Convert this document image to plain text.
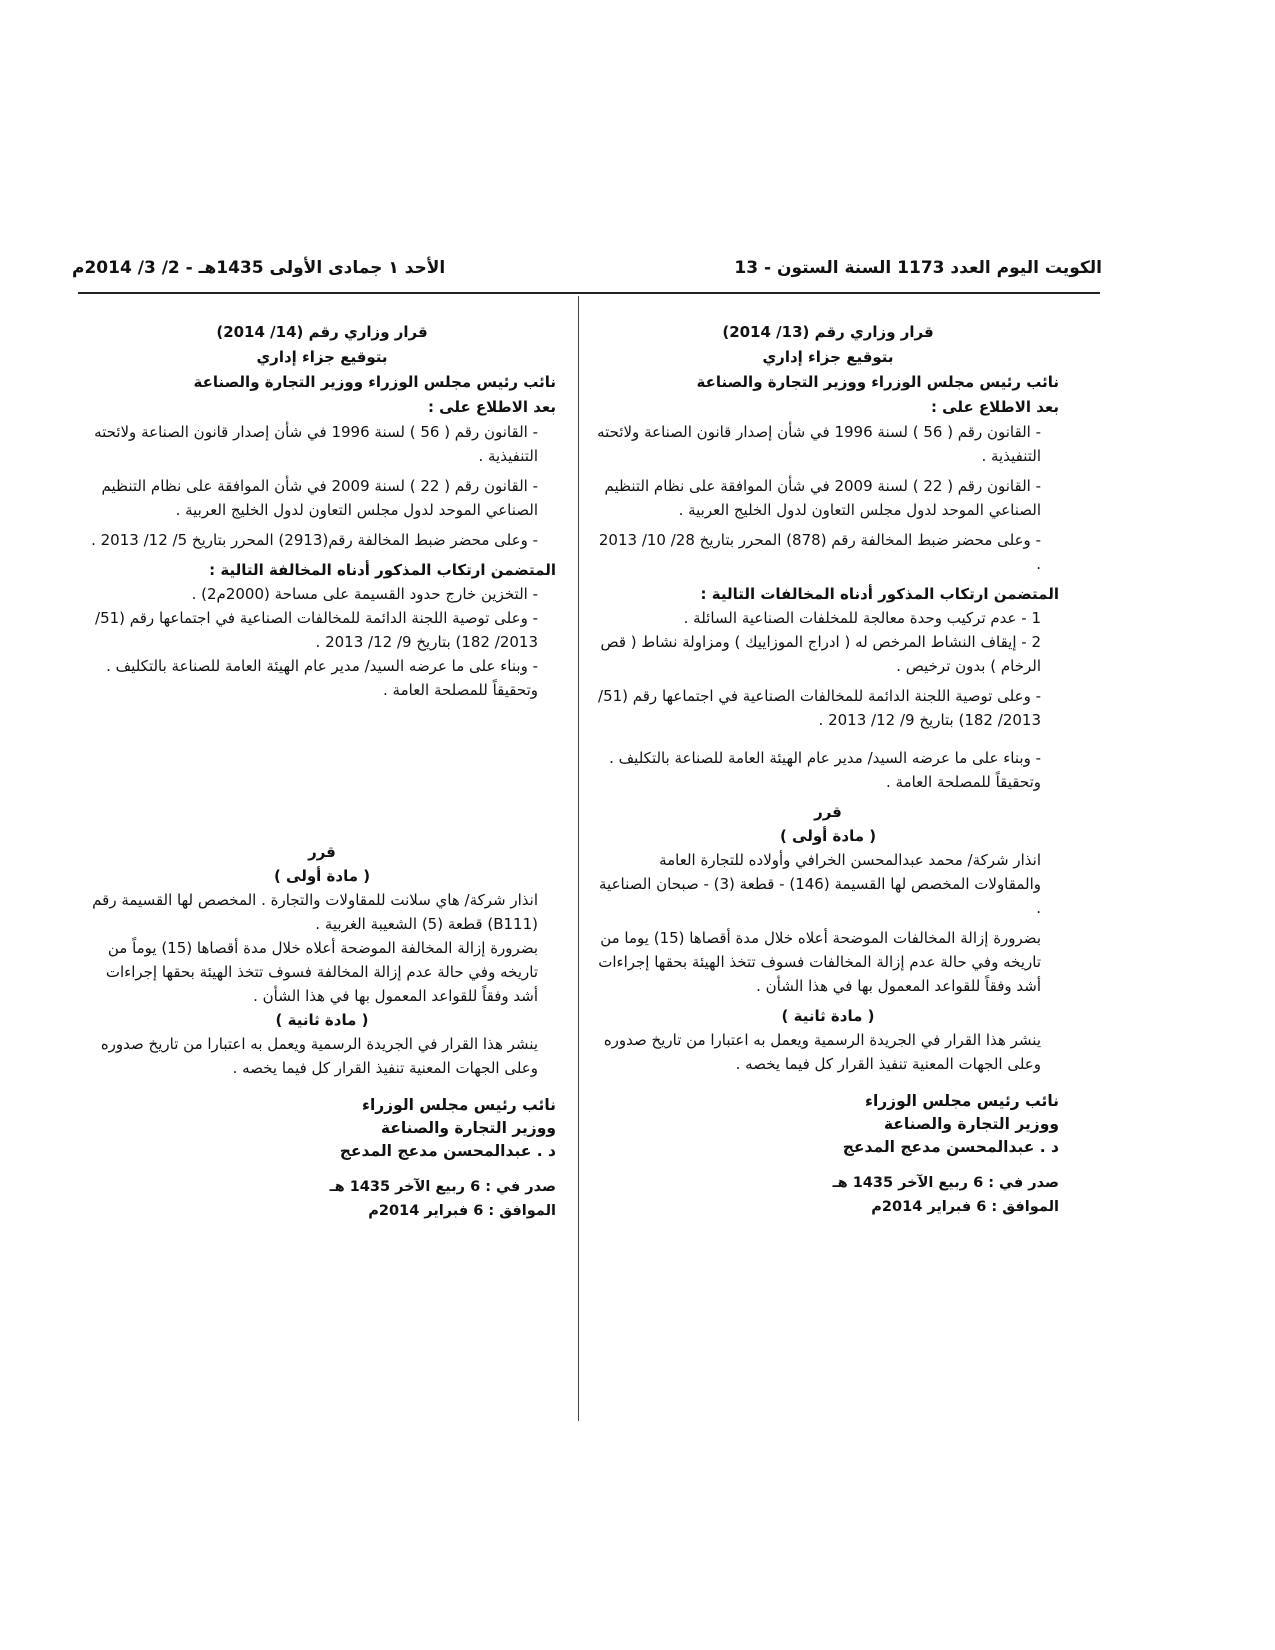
الكويت اليوم العدد 1173 السنة الستون - 13
الأحد ١ جمادى الأولى 1435هـ - 2/ 3/ 2014م

قرار وزاري رقم (13/ 2014)

بتوقيع جزاء إداري

نائب رئيس مجلس الوزراء ووزير التجارة والصناعة

بعد الاطلاع على :

- القانون رقم ( 56 ) لسنة 1996 في شأن إصدار قانون الصناعة ولائحته التنفيذية .

- القانون رقم ( 22 ) لسنة 2009 في شأن الموافقة على نظام التنظيم الصناعي الموحد لدول مجلس التعاون لدول الخليج العربية .

- وعلى محضر ضبط المخالفة رقم (878) المحرر بتاريخ 28/ 10/ 2013 .

المتضمن ارتكاب المذكور أدناه المخالفات التالية :

1 - عدم تركيب وحدة معالجة للمخلفات الصناعية السائلة .

2 - إيقاف النشاط المرخص له ( ادراج الموزاييك ) ومزاولة نشاط ( قص الرخام ) بدون ترخيص .

- وعلى توصية اللجنة الدائمة للمخالفات الصناعية في اجتماعها رقم (51/ 2013/ 182) بتاريخ 9/ 12/ 2013 .

- وبناء على ما عرضه السيد/ مدير عام الهيئة العامة للصناعة بالتكليف .

وتحقيقاً للمصلحة العامة .

قرر

( مادة أولى )

انذار شركة/ محمد عبدالمحسن الخرافي وأولاده للتجارة العامة والمقاولات المخصص لها القسيمة (146) - قطعة (3) - صبحان الصناعية .

بضرورة إزالة المخالفات الموضحة أعلاه خلال مدة أقصاها (15) يوما من تاريخه وفي حالة عدم إزالة المخالفات فسوف تتخذ الهيئة بحقها إجراءات أشد وفقاً للقواعد المعمول بها في هذا الشأن .

( مادة ثانية )

ينشر هذا القرار في الجريدة الرسمية ويعمل به اعتبارا من تاريخ صدوره وعلى الجهات المعنية تنفيذ القرار كل فيما يخصه .

نائب رئيس مجلس الوزراء

ووزير التجارة والصناعة

د . عبدالمحسن مدعج المدعج

صدر في : 6 ربيع الآخر 1435 هـ

الموافق : 6 فبراير 2014م

قرار وزاري رقم (14/ 2014)

بتوقيع جزاء إداري

نائب رئيس مجلس الوزراء ووزير التجارة والصناعة

بعد الاطلاع على :

- القانون رقم ( 56 ) لسنة 1996 في شأن إصدار قانون الصناعة ولائحته التنفيذية .

- القانون رقم ( 22 ) لسنة 2009 في شأن الموافقة على نظام التنظيم الصناعي الموحد لدول مجلس التعاون لدول الخليج العربية .

- وعلى محضر ضبط المخالفة رقم(2913) المحرر بتاريخ 5/ 12/ 2013 .

المتضمن ارتكاب المذكور أدناه المخالفة التالية :

- التخزين خارج حدود القسيمة على مساحة (2000م2) .

- وعلى توصية اللجنة الدائمة للمخالفات الصناعية في اجتماعها رقم (51/ 2013/ 182) بتاريخ 9/ 12/ 2013 .

- وبناء على ما عرضه السيد/ مدير عام الهيئة العامة للصناعة بالتكليف .

وتحقيقاً للمصلحة العامة .

قرر

( مادة أولى )

انذار شركة/ هاي سلانت للمقاولات والتجارة . المخصص لها القسيمة رقم (B111) قطعة (5) الشعيبة الغربية .

بضرورة إزالة المخالفة الموضحة أعلاه خلال مدة أقصاها (15) يوماً من تاريخه وفي حالة عدم إزالة المخالفة فسوف تتخذ الهيئة بحقها إجراءات أشد وفقاً للقواعد المعمول بها في هذا الشأن .

( مادة ثانية )

ينشر هذا القرار في الجريدة الرسمية ويعمل به اعتبارا من تاريخ صدوره وعلى الجهات المعنية تنفيذ القرار كل فيما يخصه .

نائب رئيس مجلس الوزراء

ووزير التجارة والصناعة

د . عبدالمحسن مدعج المدعج

صدر في : 6 ربيع الآخر 1435 هـ

الموافق : 6 فبراير 2014م
